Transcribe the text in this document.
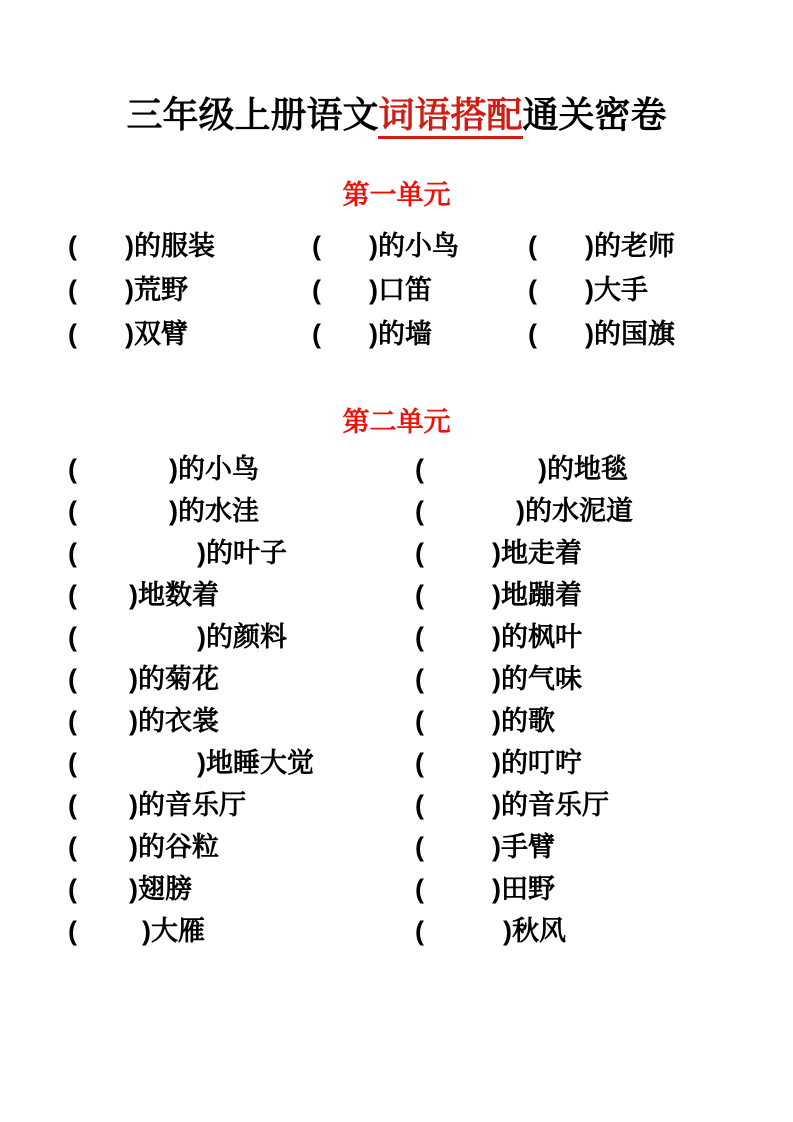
三年级上册语文词语搭配通关密卷
第一单元
( )的服装	( )的小鸟	( )的老师
( )荒野	( )口笛	( )大手
( )双臂	( )的墙	( )的国旗
第二单元
(	)的小鸟	(	)的地毯
(	)的水洼	(	)的水泥道
(	)的叶子	(	)地走着
( )地数着	(	)地蹦着
(	)的颜料	(	)的枫叶
( )的菊花	(	)的气味
( )的衣裳	(	)的歌
(	)地睡大觉	(	)的叮咛
( )的音乐厅	(	)的音乐厅
( )的谷粒	(	)手臂
( )翅膀	(	)田野
( )大雁	(	)秋风
